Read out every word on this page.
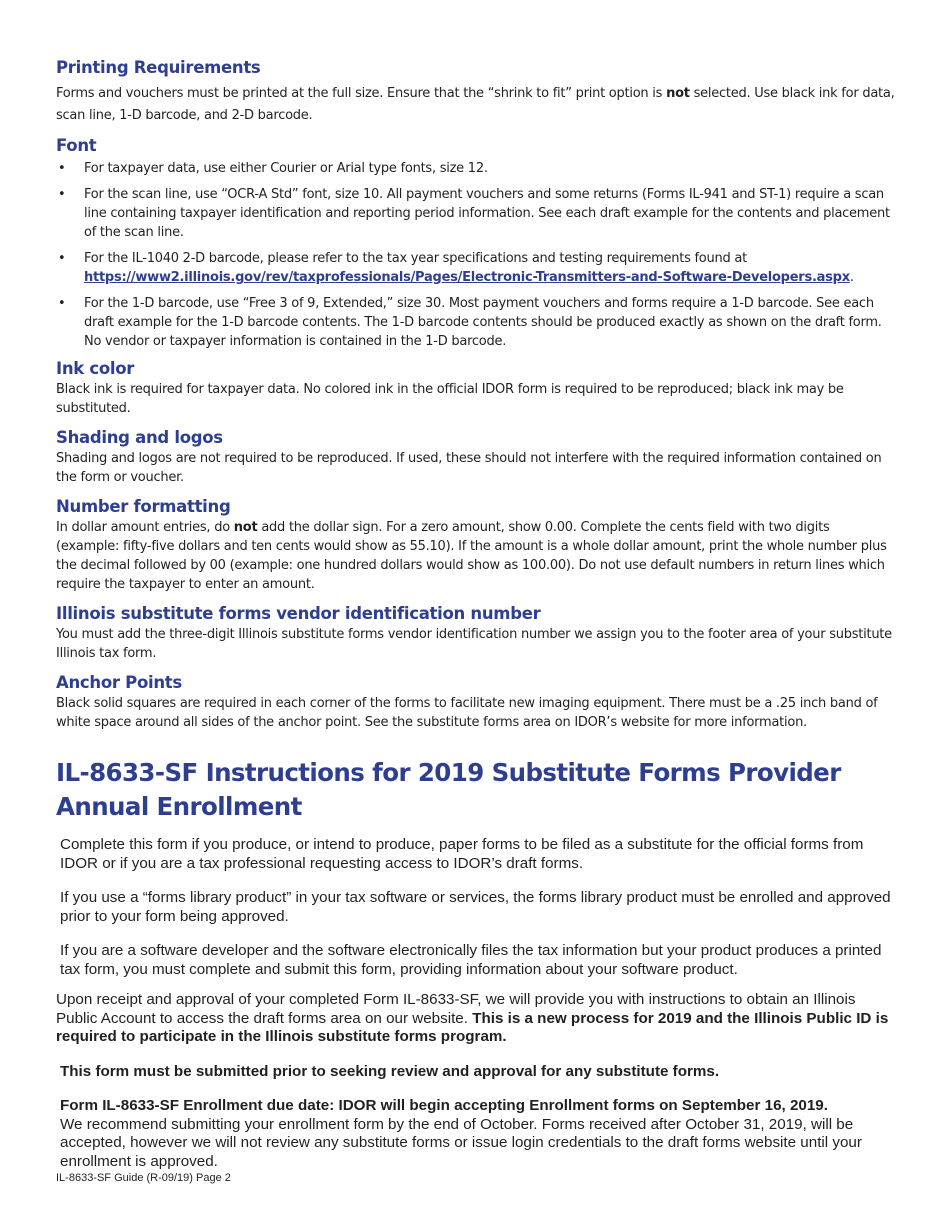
Printing Requirements

Forms and vouchers must be printed at the full size. Ensure that the “shrink to fit” print option is not selected. Use black ink for data, scan line, 1-D barcode, and 2-D barcode.

Font
• For taxpayer data, use either Courier or Arial type fonts, size 12.
• For the scan line, use “OCR-A Std” font, size 10. All payment vouchers and some returns (Forms IL-941 and ST-1) require a scan line containing taxpayer identification and reporting period information. See each draft example for the contents and placement of the scan line.
• For the IL-1040 2-D barcode, please refer to the tax year specifications and testing requirements found at https://www2.illinois.gov/rev/taxprofessionals/Pages/Electronic-Transmitters-and-Software-Developers.aspx.
• For the 1-D barcode, use “Free 3 of 9, Extended,” size 30. Most payment vouchers and forms require a 1-D barcode. See each draft example for the 1-D barcode contents. The 1-D barcode contents should be produced exactly as shown on the draft form. No vendor or taxpayer information is contained in the 1-D barcode.
Ink color

Black ink is required for taxpayer data. No colored ink in the official IDOR form is required to be reproduced; black ink may be substituted.

Shading and logos

Shading and logos are not required to be reproduced. If used, these should not interfere with the required information contained on the form or voucher.

Number formatting

In dollar amount entries, do not add the dollar sign. For a zero amount, show 0.00. Complete the cents field with two digits (example: fifty-five dollars and ten cents would show as 55.10). If the amount is a whole dollar amount, print the whole number plus the decimal followed by 00 (example: one hundred dollars would show as 100.00). Do not use default numbers in return lines which require the taxpayer to enter an amount.

Illinois substitute forms vendor identification number

You must add the three-digit Illinois substitute forms vendor identification number we assign you to the footer area of your substitute Illinois tax form.

Anchor Points

Black solid squares are required in each corner of the forms to facilitate new imaging equipment. There must be a .25 inch band of white space around all sides of the anchor point. See the substitute forms area on IDOR’s website for more information.

IL-8633-SF Instructions for 2019 Substitute Forms Provider Annual Enrollment

Complete this form if you produce, or intend to produce, paper forms to be filed as a substitute for the official forms from IDOR or if you are a tax professional requesting access to IDOR’s draft forms.

If you use a “forms library product” in your tax software or services, the forms library product must be enrolled and approved prior to your form being approved.

If you are a software developer and the software electronically files the tax information but your product produces a printed tax form, you must complete and submit this form, providing information about your software product.

Upon receipt and approval of your completed Form IL-8633-SF, we will provide you with instructions to obtain an Illinois Public Account to access the draft forms area on our website. This is a new process for 2019 and the Illinois Public ID is required to participate in the Illinois substitute forms program.

This form must be submitted prior to seeking review and approval for any substitute forms.

Form IL-8633-SF Enrollment due date: IDOR will begin accepting Enrollment forms on September 16, 2019.
We recommend submitting your enrollment form by the end of October. Forms received after October 31, 2019, will be accepted, however we will not review any substitute forms or issue login credentials to the draft forms website until your enrollment is approved.

IL-8633-SF Guide (R-09/19) Page 2
